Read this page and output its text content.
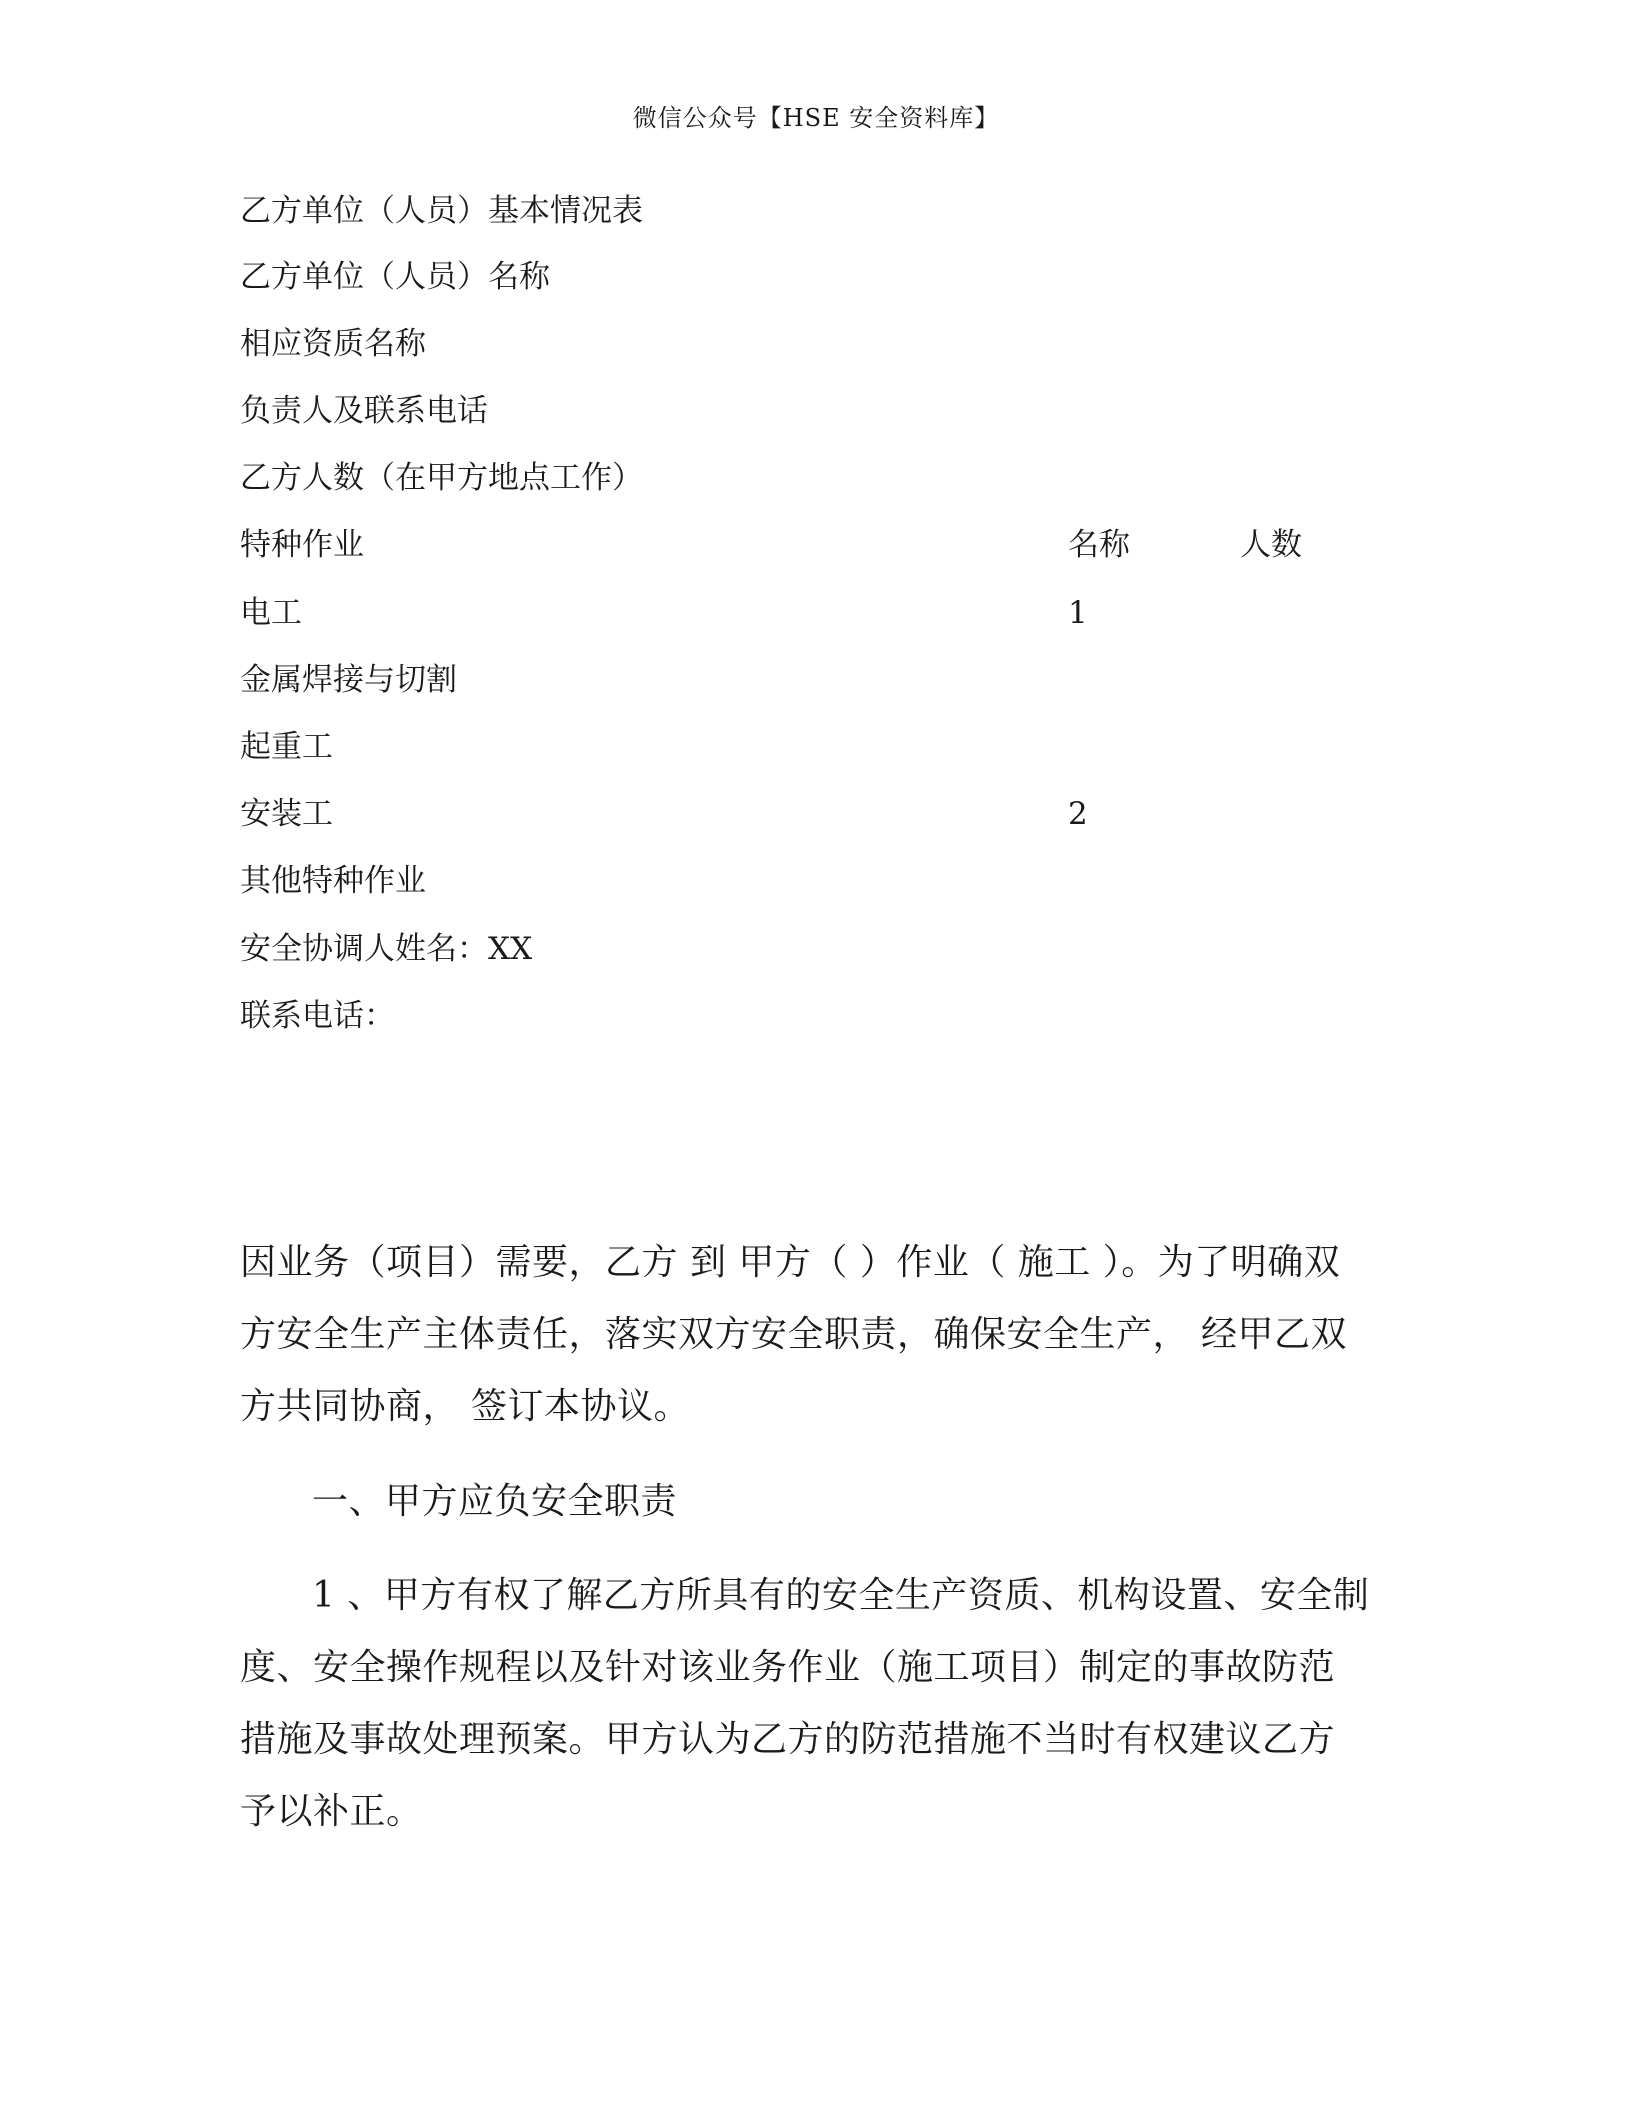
微信公众号【HSE 安全资料库】
乙方单位（人员）基本情况表
乙方单位（人员）名称
相应资质名称
负责人及联系电话
乙方人数（在甲方地点工作）
特种作业	名称	人数
电工	1
金属焊接与切割
起重工
安装工	2
其他特种作业
安全协调人姓名：XX
联系电话：
因业务（项目）需要，乙方 到 甲方（ ）作业（ 施工 ）。为了明确双
方安全生产主体责任，落实双方安全职责，确保安全生产， 经甲乙双
方共同协商， 签订本协议。
一、甲方应负安全职责
1 、甲方有权了解乙方所具有的安全生产资质、机构设置、安全制
度、安全操作规程以及针对该业务作业（施工项目）制定的事故防范
措施及事故处理预案。甲方认为乙方的防范措施不当时有权建议乙方
予以补正。
